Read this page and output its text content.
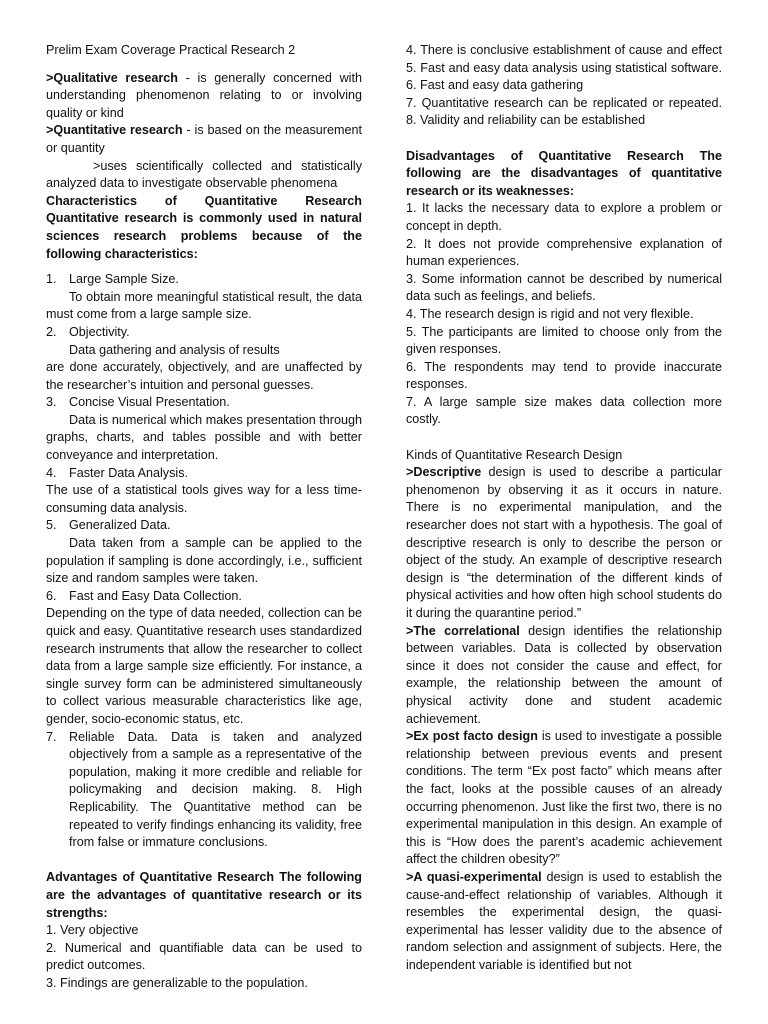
Prelim Exam Coverage Practical Research 2

>Qualitative research - is generally concerned with understanding phenomenon relating to or involving quality or kind

>Quantitative research - is based on the measurement or quantity

>uses scientifically collected and statistically analyzed data to investigate observable phenomena

Characteristics of Quantitative Research Quantitative research is commonly used in natural sciences research problems because of the following characteristics:

1. Large Sample Size.

To obtain more meaningful statistical result, the data must come from a large sample size.

2. Objectivity.

Data gathering and analysis of results

are done accurately, objectively, and are unaffected by the researcher’s intuition and personal guesses.

3. Concise Visual Presentation.

Data is numerical which makes presentation through graphs, charts, and tables possible and with better conveyance and interpretation.

4. Faster Data Analysis.

The use of a statistical tools gives way for a less time-consuming data analysis.

5. Generalized Data.

Data taken from a sample can be applied to the population if sampling is done accordingly, i.e., sufficient size and random samples were taken.

6. Fast and Easy Data Collection.

Depending on the type of data needed, collection can be quick and easy. Quantitative research uses standardized research instruments that allow the researcher to collect data from a large sample size efficiently. For instance, a single survey form can be administered simultaneously to collect various measurable characteristics like age, gender, socio-economic status, etc.

7. Reliable Data. Data is taken and analyzed objectively from a sample as a representative of the population, making it more credible and reliable for policymaking and decision making. 8. High Replicability. The Quantitative method can be repeated to verify findings enhancing its validity, free from false or immature conclusions.

Advantages of Quantitative Research The following are the advantages of quantitative research or its strengths:

1. Very objective

2. Numerical and quantifiable data can be used to predict outcomes.

3. Findings are generalizable to the population.

4. There is conclusive establishment of cause and effect 5. Fast and easy data analysis using statistical software. 6. Fast and easy data gathering

7. Quantitative research can be replicated or repeated. 8. Validity and reliability can be established

Disadvantages of Quantitative Research The following are the disadvantages of quantitative research or its weaknesses:

1. It lacks the necessary data to explore a problem or concept in depth.

2. It does not provide comprehensive explanation of human experiences.

3. Some information cannot be described by numerical data such as feelings, and beliefs.

4. The research design is rigid and not very flexible.

5. The participants are limited to choose only from the given responses.

6. The respondents may tend to provide inaccurate responses.

7. A large sample size makes data collection more costly.

Kinds of Quantitative Research Design

>Descriptive design is used to describe a particular phenomenon by observing it as it occurs in nature. There is no experimental manipulation, and the researcher does not start with a hypothesis. The goal of descriptive research is only to describe the person or object of the study. An example of descriptive research design is “the determination of the different kinds of physical activities and how often high school students do it during the quarantine period.”

>The correlational design identifies the relationship between variables. Data is collected by observation since it does not consider the cause and effect, for example, the relationship between the amount of physical activity done and student academic achievement.

>Ex post facto design is used to investigate a possible relationship between previous events and present conditions. The term “Ex post facto” which means after the fact, looks at the possible causes of an already occurring phenomenon. Just like the first two, there is no experimental manipulation in this design. An example of this is “How does the parent’s academic achievement affect the children obesity?”

>A quasi-experimental design is used to establish the cause-and-effect relationship of variables. Although it resembles the experimental design, the quasi-experimental has lesser validity due to the absence of random selection and assignment of subjects. Here, the independent variable is identified but not
